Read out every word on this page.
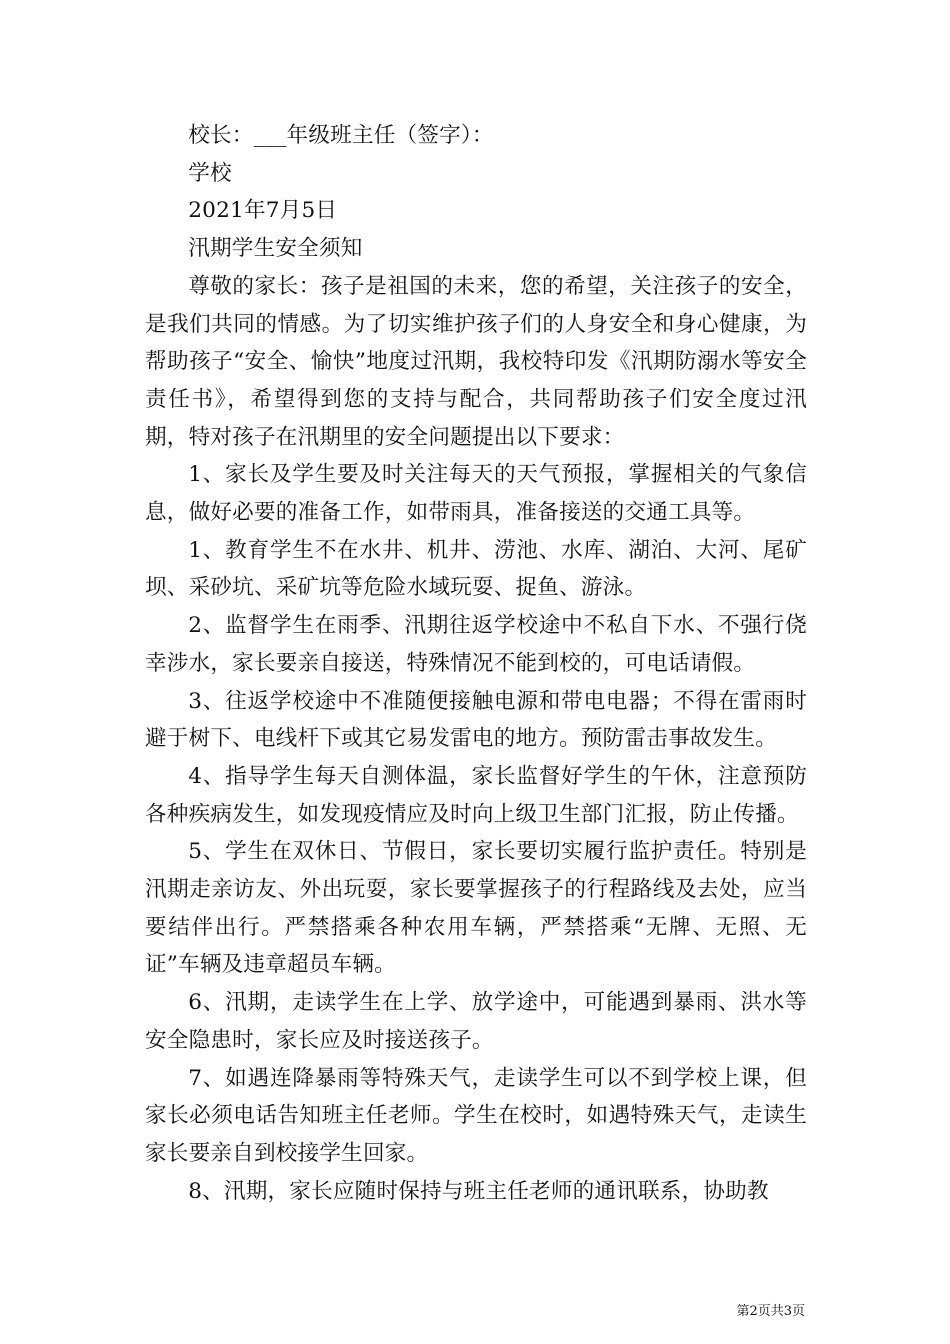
校长：___年级班主任（签字）：

学校

2021年7月5日

汛期学生安全须知

尊敬的家长：孩子是祖国的未来，您的希望，关注孩子的安全，是我们共同的情感。为了切实维护孩子们的人身安全和身心健康，为帮助孩子“安全、愉快”地度过汛期，我校特印发《汛期防溺水等安全责任书》，希望得到您的支持与配合，共同帮助孩子们安全度过汛期，特对孩子在汛期里的安全问题提出以下要求：

1、家长及学生要及时关注每天的天气预报，掌握相关的气象信息，做好必要的准备工作，如带雨具，准备接送的交通工具等。

1、教育学生不在水井、机井、涝池、水库、湖泊、大河、尾矿坝、采砂坑、采矿坑等危险水域玩耍、捉鱼、游泳。

2、监督学生在雨季、汛期往返学校途中不私自下水、不强行侥幸涉水，家长要亲自接送，特殊情况不能到校的，可电话请假。

3、往返学校途中不准随便接触电源和带电电器；不得在雷雨时避于树下、电线杆下或其它易发雷电的地方。预防雷击事故发生。

4、指导学生每天自测体温，家长监督好学生的午休，注意预防各种疾病发生，如发现疫情应及时向上级卫生部门汇报，防止传播。

5、学生在双休日、节假日，家长要切实履行监护责任。特别是汛期走亲访友、外出玩耍，家长要掌握孩子的行程路线及去处，应当要结伴出行。严禁搭乘各种农用车辆，严禁搭乘“无牌、无照、无证”车辆及违章超员车辆。

6、汛期，走读学生在上学、放学途中，可能遇到暴雨、洪水等安全隐患时，家长应及时接送孩子。

7、如遇连降暴雨等特殊天气，走读学生可以不到学校上课，但家长必须电话告知班主任老师。学生在校时，如遇特殊天气，走读生家长要亲自到校接学生回家。

8、汛期，家长应随时保持与班主任老师的通讯联系，协助教

第2页共3页
